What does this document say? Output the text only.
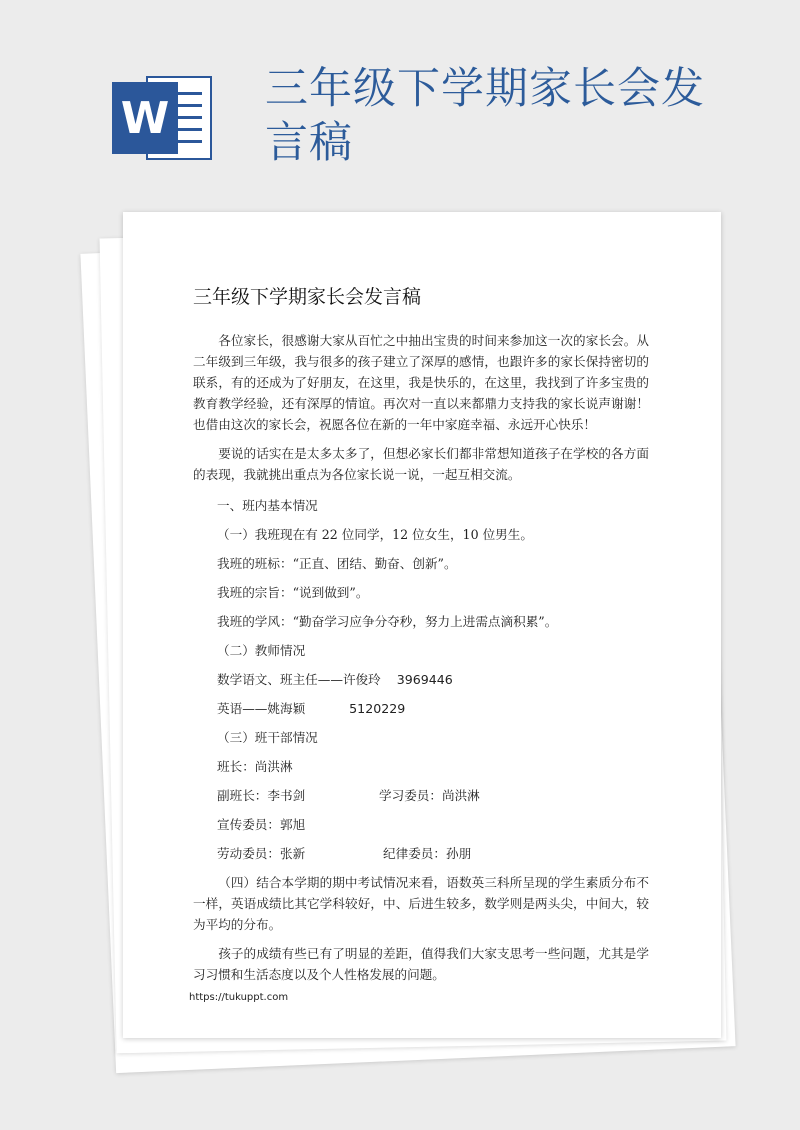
W
三年级下学期家长会发言稿
三年级下学期家长会发言稿

各位家长，很感谢大家从百忙之中抽出宝贵的时间来参加这一次的家长会。从二年级到三年级，我与很多的孩子建立了深厚的感情，也跟许多的家长保持密切的联系，有的还成为了好朋友，在这里，我是快乐的，在这里，我找到了许多宝贵的教育教学经验，还有深厚的情谊。再次对一直以来都鼎力支持我的家长说声谢谢！也借由这次的家长会，祝愿各位在新的一年中家庭幸福、永远开心快乐！

要说的话实在是太多太多了，但想必家长们都非常想知道孩子在学校的各方面的表现，我就挑出重点为各位家长说一说，一起互相交流。

一、班内基本情况
（一）我班现在有 22 位同学，12 位女生，10 位男生。
我班的班标：“正直、团结、勤奋、创新”。
我班的宗旨：“说到做到”。
我班的学风：“勤奋学习应争分夺秒，努力上进需点滴积累”。
（二）教师情况
数学语文、班主任——许俊玲 3969446
英语——姚海颖	5120229
（三）班干部情况
班长：尚洪淋
副班长：李书剑	学习委员：尚洪淋
宣传委员：郭旭
劳动委员：张新	纪律委员：孙朋

（四）结合本学期的期中考试情况来看，语数英三科所呈现的学生素质分布不一样，英语成绩比其它学科较好，中、后进生较多，数学则是两头尖，中间大，较为平均的分布。

孩子的成绩有些已有了明显的差距，值得我们大家支思考一些问题，尤其是学习习惯和生活态度以及个人性格发展的问题。

https://tukuppt.com
